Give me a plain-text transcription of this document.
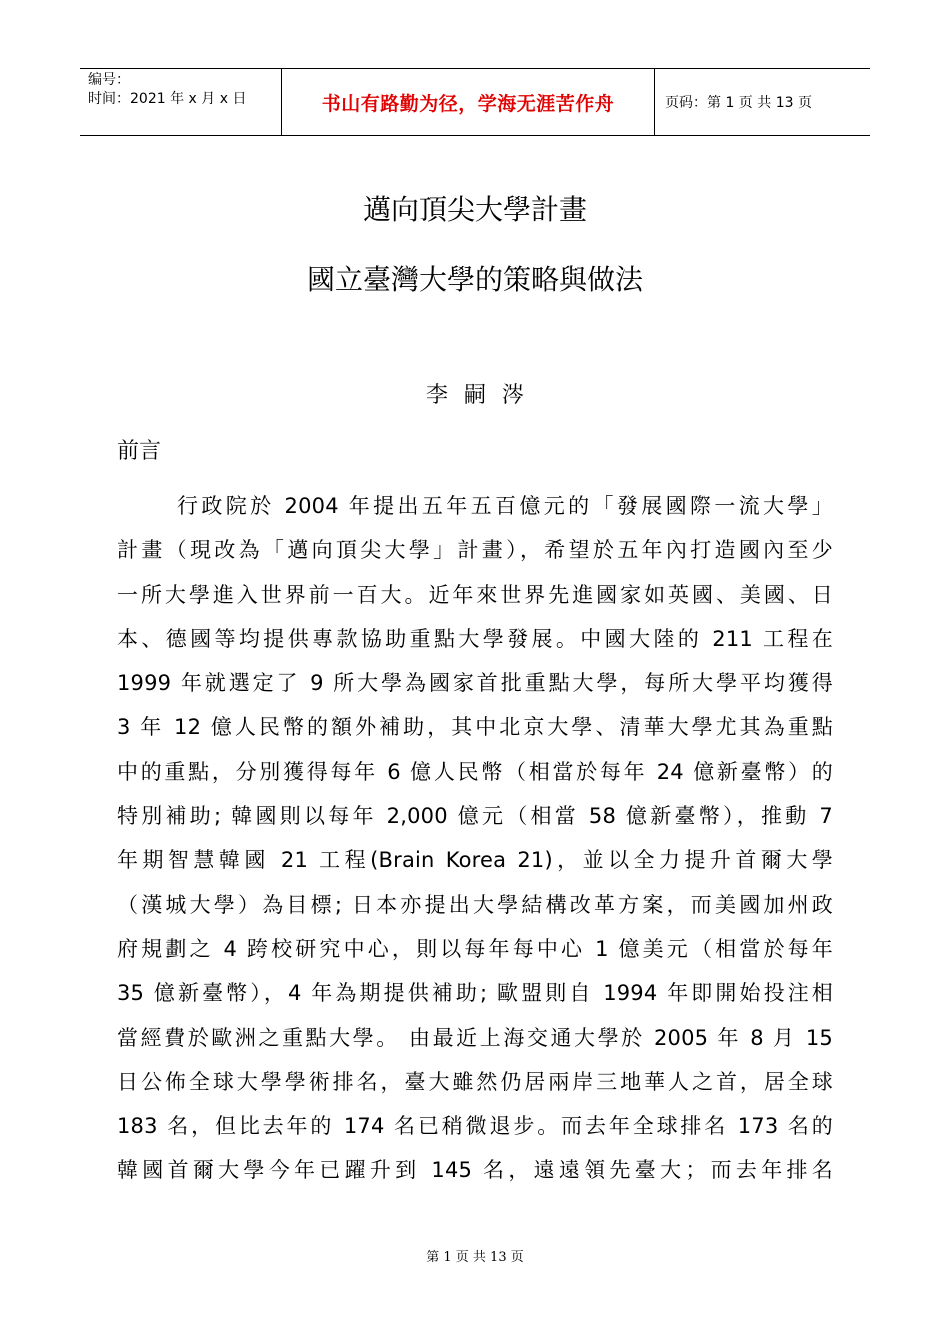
编号：
时间：2021 年 x 月 x 日	书山有路勤为径，学海无涯苦作舟	页码：第 1 页 共 13 页
邁向頂尖大學計畫
國立臺灣大學的策略與做法
李嗣涔
前言
行政院於 2004 年提出五年五百億元的「發展國際一流大學」
計畫（現改為「邁向頂尖大學」計畫），希望於五年內打造國內至少
一所大學進入世界前一百大。近年來世界先進國家如英國、美國、日
本、德國等均提供專款協助重點大學發展。中國大陸的 211 工程在
1999 年就選定了 9 所大學為國家首批重點大學，每所大學平均獲得
3 年 12 億人民幣的額外補助，其中北京大學、清華大學尤其為重點
中的重點，分別獲得每年 6 億人民幣（相當於每年 24 億新臺幣）的
特別補助; 韓國則以每年 2,000 億元（相當 58 億新臺幣），推動 7
年期智慧韓國 21 工程(Brain Korea 21)，並以全力提升首爾大學
（漢城大學）為目標; 日本亦提出大學結構改革方案，而美國加州政
府規劃之 4 跨校研究中心，則以每年每中心 1 億美元（相當於每年
35 億新臺幣），4 年為期提供補助; 歐盟則自 1994 年即開始投注相
當經費於歐洲之重點大學。 由最近上海交通大學於 2005 年 8 月 15
日公佈全球大學學術排名，臺大雖然仍居兩岸三地華人之首，居全球
183 名，但比去年的 174 名已稍微退步。而去年全球排名 173 名的
韓國首爾大學今年已躍升到 145 名，遠遠領先臺大；而去年排名
第 1 页 共 13 页
